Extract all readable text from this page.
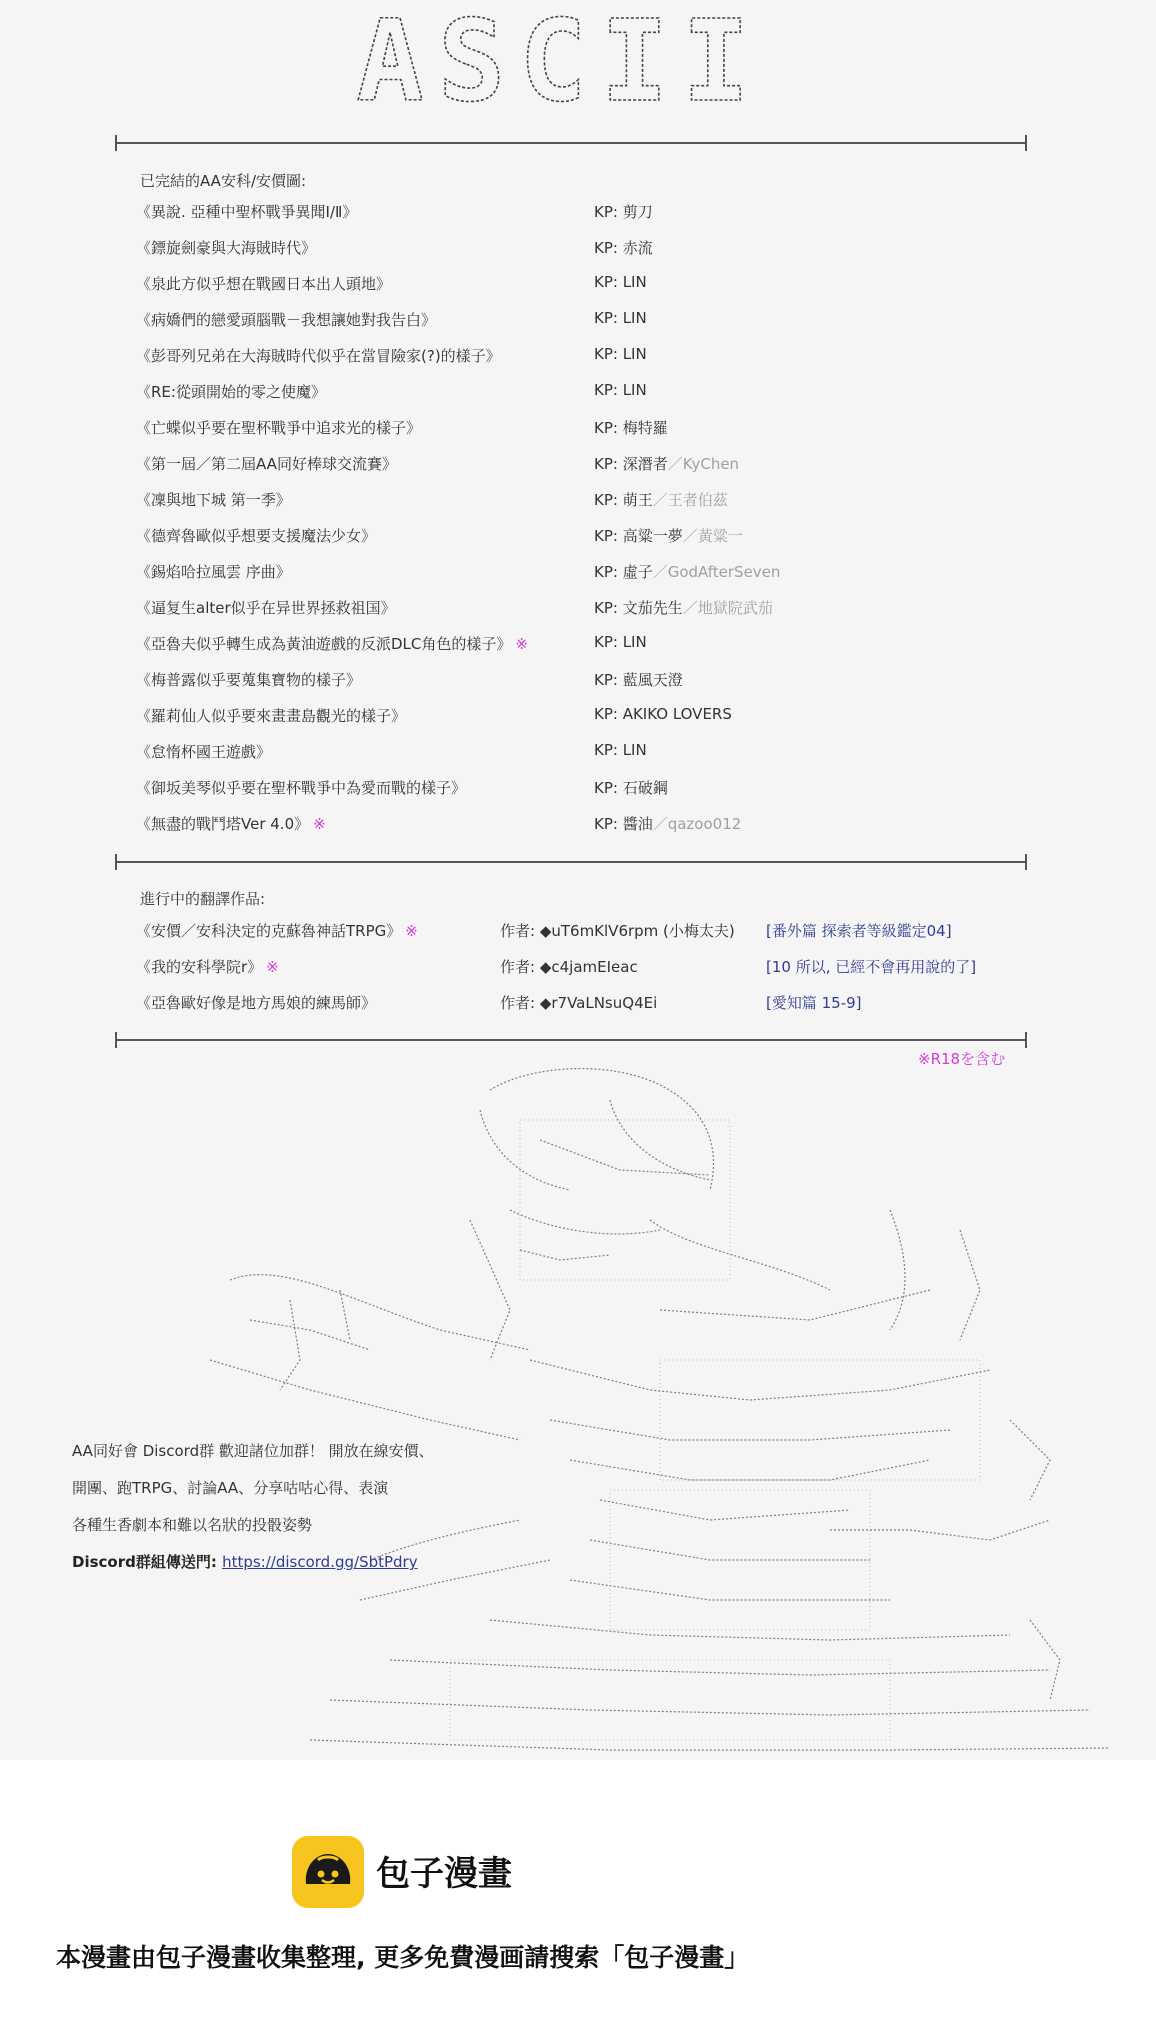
ASCII
已完結的AA安科/安價圖:
《異說. 亞種中聖杯戰爭異聞Ⅰ/Ⅱ》	KP: 剪刀
《鏢旋劍豪與大海賊時代》	KP: 赤流
《泉此方似乎想在戰國日本出人頭地》	KP: LIN
《病嬌們的戀愛頭腦戰－我想讓她對我告白》	KP: LIN
《彭哥列兄弟在大海賊時代似乎在當冒險家(?)的樣子》	KP: LIN
《RE:從頭開始的零之使魔》	KP: LIN
《亡蝶似乎要在聖杯戰爭中追求光的樣子》	KP: 梅特羅
《第一屆／第二屆AA同好棒球交流賽》	KP: 深潛者／KyChen
《凜與地下城 第一季》	KP: 萌王／王者伯茲
《德齊魯歐似乎想要支援魔法少女》	KP: 高粱一夢／黃粱一
《錫焰哈拉風雲 序曲》	KP: 虛子／GodAfterSeven
《逼复生alter似乎在异世界拯救祖国》	KP: 文茄先生／地獄院武茄
《亞魯夫似乎轉生成為黃油遊戲的反派DLC角色的樣子》 ※	KP: LIN
《梅普露似乎要蒐集寶物的樣子》	KP: 藍風天澄
《羅莉仙人似乎要來畫畫島觀光的樣子》	KP: AKIKO LOVERS
《怠惰杯國王遊戲》	KP: LIN
《御坂美琴似乎要在聖杯戰爭中為愛而戰的樣子》	KP: 石破鋼
《無盡的戰鬥塔Ver 4.0》 ※	KP: 醬油／qazoo012
進行中的翻譯作品:
《安價／安科決定的克蘇魯神話TRPG》 ※	作者: ◆uT6mKlV6rpm (小梅太夫) [番外篇 探索者等級鑑定04]
《我的安科學院r》 ※	作者: ◆c4jamEIeac	[10 所以, 已經不會再用說的了]
《亞魯歐好像是地方馬娘的練馬師》	作者: ◆r7VaLNsuQ4Ei	[愛知篇 15-9]
※R18を含む
AA同好會 Discord群 歡迎諸位加群！ 開放在線安價、
開團、跑TRPG、討論AA、分享咕咕心得、表演
各種生香劇本和難以名狀的投骰姿勢
Discord群組傳送門: https://discord.gg/SbtPdry
包子漫畫
本漫畫由包子漫畫收集整理, 更多免費漫画請搜索「包子漫畫」
